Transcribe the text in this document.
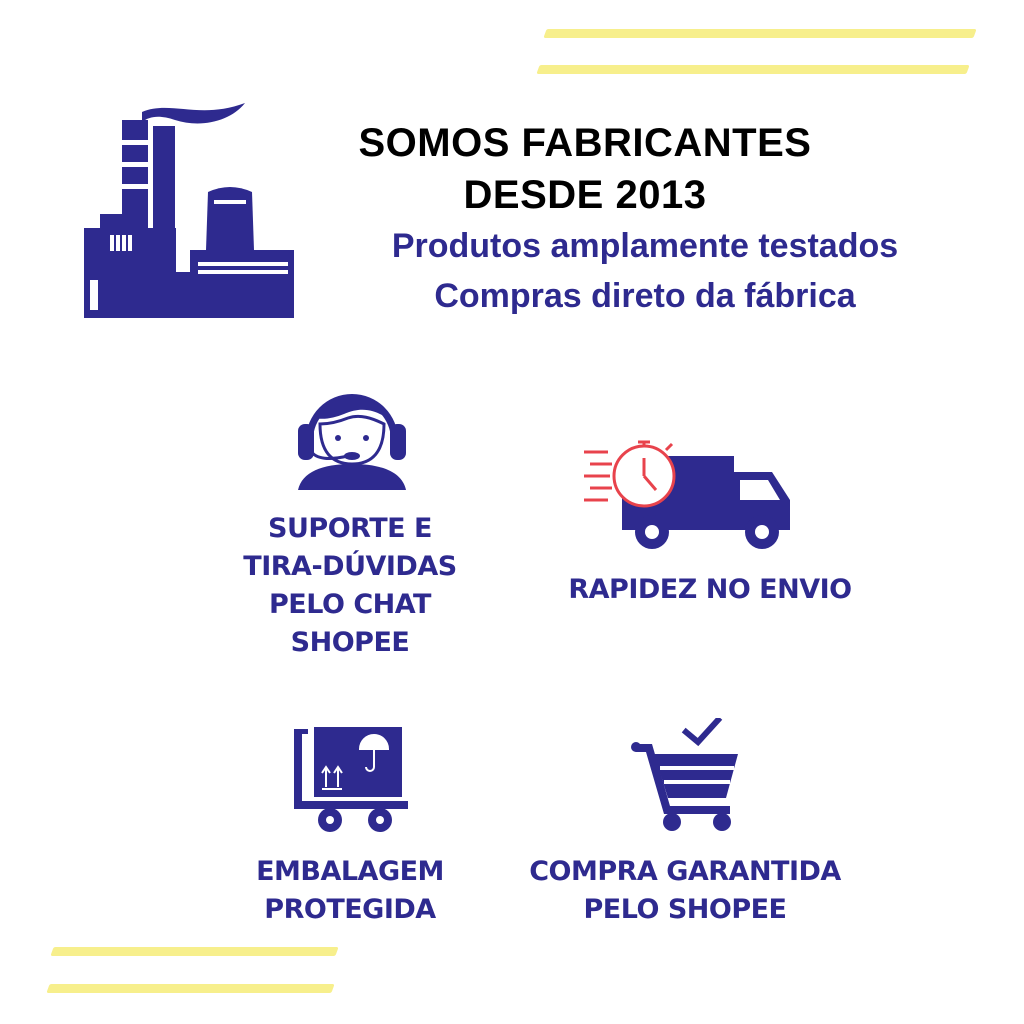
SOMOS FABRICANTES
DESDE 2013
Produtos amplamente testados
Compras direto da fábrica
SUPORTE E
TIRA-DÚVIDAS
PELO CHAT
SHOPEE
RAPIDEZ NO ENVIO
EMBALAGEM
PROTEGIDA
COMPRA GARANTIDA
PELO SHOPEE
